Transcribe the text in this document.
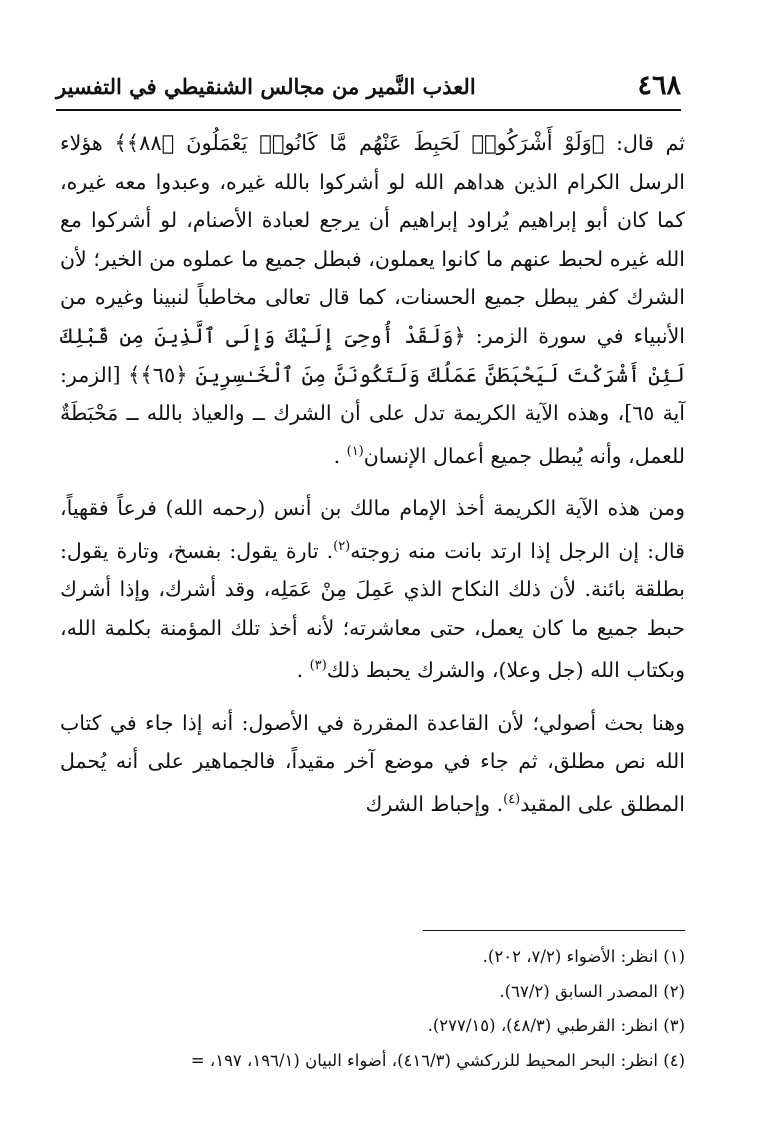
٤٦٨
العذب النَّمير من مجالس الشنقيطي في التفسير

ثم قال: ﴿وَلَوْ أَشْرَكُوا۟ لَحَبِطَ عَنْهُم مَّا كَانُوا۟ يَعْمَلُونَ ﴿٨٨﴾﴾ هؤلاء الرسل الكرام الذين هداهم الله لو أشركوا بالله غيره، وعبدوا معه غيره، كما كان أبو إبراهيم يُراود إبراهيم أن يرجع لعبادة الأصنام، لو أشركوا مع الله غيره لحبط عنهم ما كانوا يعملون، فبطل جميع ما عملوه من الخير؛ لأن الشرك كفر يبطل جميع الحسنات، كما قال تعالى مخاطباً لنبينا وغيره من الأنبياء في سورة الزمر: ﴿وَلَقَدْ أُوحِىَ إِلَيْكَ وَإِلَى ٱلَّذِينَ مِن قَبْلِكَ لَئِنْ أَشْرَكْتَ لَيَحْبَطَنَّ عَمَلُكَ وَلَتَكُونَنَّ مِنَ ٱلْخَـٰسِرِينَ ﴿٦٥﴾﴾ [الزمر: آية ٦٥]، وهذه الآية الكريمة تدل على أن الشرك ــ والعياذ بالله ــ مَحْبَطَةٌ للعمل، وأنه يُبطل جميع أعمال الإنسان$^{(١)}$ .

ومن هذه الآية الكريمة أخذ الإمام مالك بن أنس (رحمه الله) فرعاً فقهياً، قال: إن الرجل إذا ارتد بانت منه زوجته$^{(٢)}$. تارة يقول: بفسخ، وتارة يقول: بطلقة بائنة. لأن ذلك النكاح الذي عَمِلَ مِنْ عَمَلِه، وقد أشرك، وإذا أشرك حبط جميع ما كان يعمل، حتى معاشرته؛ لأنه أخذ تلك المؤمنة بكلمة الله، وبكتاب الله (جل وعلا)، والشرك يحبط ذلك$^{(٣)}$ .

وهنا بحث أصولي؛ لأن القاعدة المقررة في الأصول: أنه إذا جاء في كتاب الله نص مطلق، ثم جاء في موضع آخر مقيداً، فالجماهير على أنه يُحمل المطلق على المقيد$^{(٤)}$. وإحباط الشرك

(١) انظر: الأضواء (٧/٢، ٢٠٢).
(٢) المصدر السابق (٦٧/٢).
(٣) انظر: القرطبي (٤٨/٣)، (٢٧٧/١٥).
(٤) انظر: البحر المحيط للزركشي (٤١٦/٣)، أضواء البيان (١٩٦/١، ١٩٧، =
